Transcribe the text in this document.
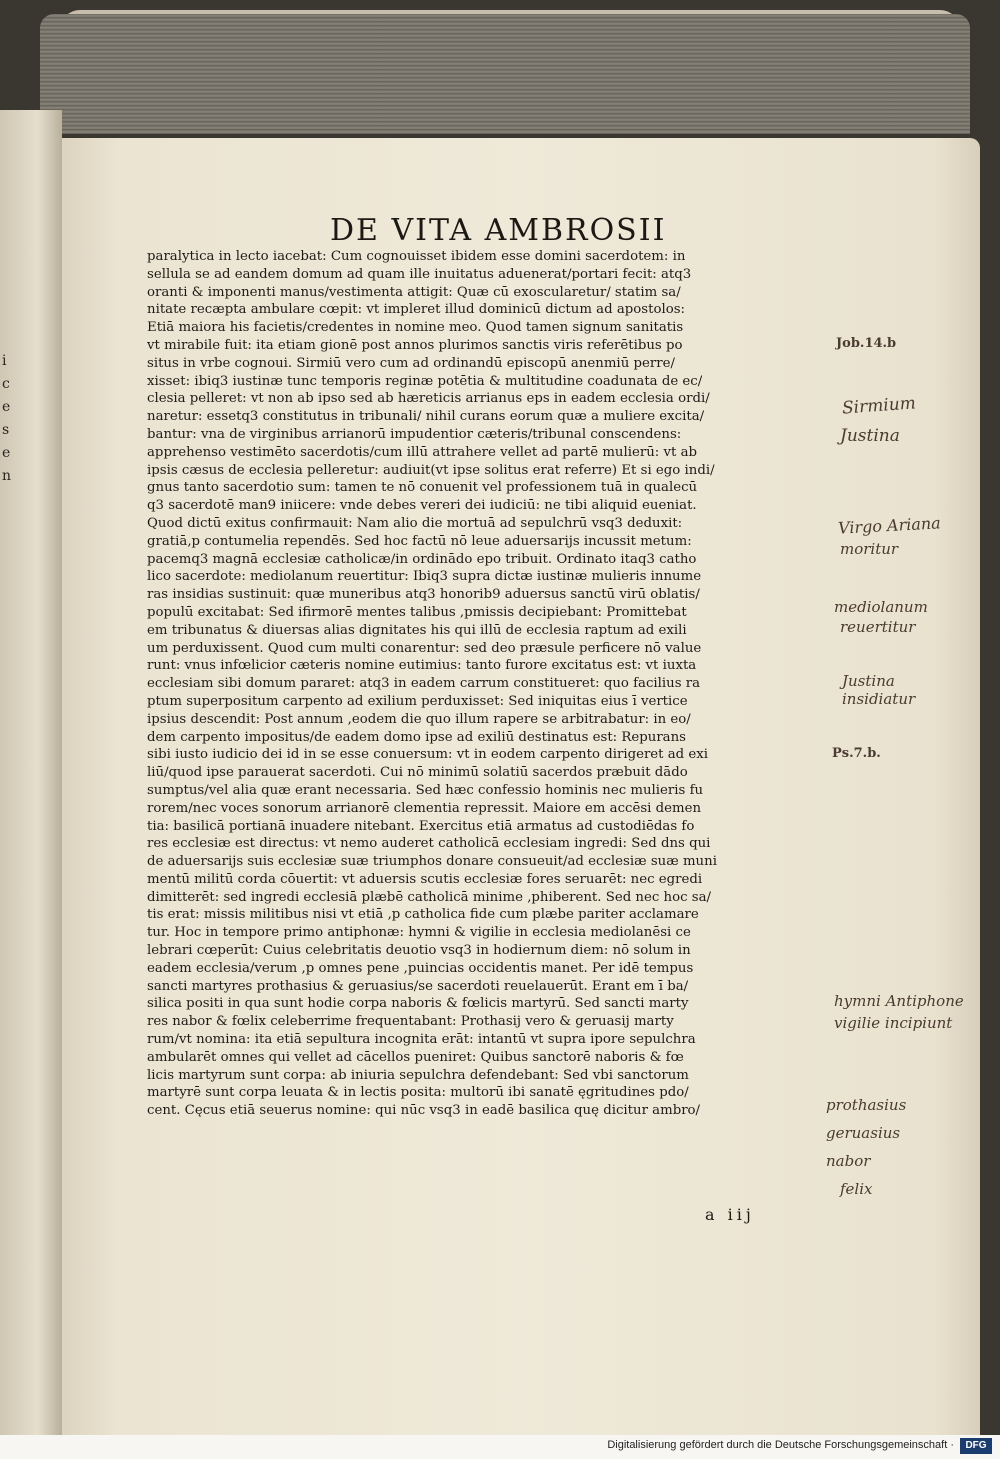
i
c
e
s
e
n
DE VITA AMBROSII
paralytica in lecto iacebat: Cum cognouisset ibidem esse domini sacerdotem: in
sellula se ad eandem domum ad quam ille inuitatus aduenerat/portari fecit: atq3
oranti & imponenti manus/vestimenta attigit: Quæ cū exoscularetur/ statim sa/
nitate recæpta ambulare cœpit: vt impleret illud dominicū dictum ad apostolos:
Etiā maiora his facietis/credentes in nomine meo. Quod tamen signum sanitatis
vt mirabile fuit: ita etiam gionē post annos plurimos sanctis viris referētibus po
situs in vrbe cognoui. Sirmiū vero cum ad ordinandū episcopū anenmiū perre/
xisset: ibiq3 iustinæ tunc temporis reginæ potētia & multitudine coadunata de ec/
clesia pelleret: vt non ab ipso sed ab hæreticis arrianus eps in eadem ecclesia ordi/
naretur: essetq3 constitutus in tribunali/ nihil curans eorum quæ a muliere excita/
bantur: vna de virginibus arrianorū impudentior cæteris/tribunal conscendens:
apprehenso vestimēto sacerdotis/cum illū attrahere vellet ad partē mulierū: vt ab
ipsis cæsus de ecclesia pelleretur: audiuit(vt ipse solitus erat referre) Et si ego indi/
gnus tanto sacerdotio sum: tamen te nō conuenit vel professionem tuā in qualecū
q3 sacerdotē man9 iniicere: vnde debes vereri dei iudiciū: ne tibi aliquid eueniat.
Quod dictū exitus confirmauit: Nam alio die mortuā ad sepulchrū vsq3 deduxit:
gratiā,p contumelia rependēs. Sed hoc factū nō leue aduersarijs incussit metum:
pacemq3 magnā ecclesiæ catholicæ/in ordinādo epo tribuit. Ordinato itaq3 catho
lico sacerdote: mediolanum reuertitur: Ibiq3 supra dictæ iustinæ mulieris innume
ras insidias sustinuit: quæ muneribus atq3 honorib9 aduersus sanctū virū oblatis/
populū excitabat: Sed ifirmorē mentes talibus ,pmissis decipiebant: Promittebat
em tribunatus & diuersas alias dignitates his qui illū de ecclesia raptum ad exili
um perduxissent. Quod cum multi conarentur: sed deo præsule perficere nō value
runt: vnus infœlicior cæteris nomine eutimius: tanto furore excitatus est: vt iuxta
ecclesiam sibi domum pararet: atq3 in eadem carrum constitueret: quo facilius ra
ptum superpositum carpento ad exilium perduxisset: Sed iniquitas eius ī vertice
ipsius descendit: Post annum ,eodem die quo illum rapere se arbitrabatur: in eo/
dem carpento impositus/de eadem domo ipse ad exiliū destinatus est: Repurans
sibi iusto iudicio dei id in se esse conuersum: vt in eodem carpento dirigeret ad exi
liū/quod ipse parauerat sacerdoti. Cui nō minimū solatiū sacerdos præbuit dādo
sumptus/vel alia quæ erant necessaria. Sed hæc confessio hominis nec mulieris fu
rorem/nec voces sonorum arrianorē clementia repressit. Maiore em accēsi demen
tia: basilicā portianā inuadere nitebant. Exercitus etiā armatus ad custodiēdas fo
res ecclesiæ est directus: vt nemo auderet catholicā ecclesiam ingredi: Sed dns qui
de aduersarijs suis ecclesiæ suæ triumphos donare consueuit/ad ecclesiæ suæ muni
mentū militū corda cōuertit: vt aduersis scutis ecclesiæ fores seruarēt: nec egredi
dimitterēt: sed ingredi ecclesiā plæbē catholicā minime ,phiberent. Sed nec hoc sa/
tis erat: missis militibus nisi vt etiā ,p catholica fide cum plæbe pariter acclamare
tur. Hoc in tempore primo antiphonæ: hymni & vigilie in ecclesia mediolanēsi ce
lebrari cœperūt: Cuius celebritatis deuotio vsq3 in hodiernum diem: nō solum in
eadem ecclesia/verum ,p omnes pene ,puincias occidentis manet. Per idē tempus
sancti martyres prothasius & geruasius/se sacerdoti reuelauerūt. Erant em ī ba/
silica positi in qua sunt hodie corpa naboris & fœlicis martyrū. Sed sancti marty
res nabor & fœlix celeberrime frequentabant: Prothasij vero & geruasij marty
rum/vt nomina: ita etiā sepultura incognita erāt: intantū vt supra ipore sepulchra
ambularēt omnes qui vellet ad cācellos pueniret: Quibus sanctorē naboris & fœ
licis martyrum sunt corpa: ab iniuria sepulchra defendebant: Sed vbi sanctorum
martyrē sunt corpa leuata & in lectis posita: multorū ibi sanatē ęgritudines pdo/
cent. Cęcus etiā seuerus nomine: qui nūc vsq3 in eadē basilica quę dicitur ambro/
a iij
Job.14.b
Sirmium
Justina
Virgo Ariana
moritur
mediolanum
reuertitur
Justina insidiatur
Ps.7.b.
hymni Antiphone vigilie incipiunt
prothasius
geruasius
nabor
felix
Digitalisierung gefördert durch die Deutsche Forschungsgemeinschaft ·	DFG
